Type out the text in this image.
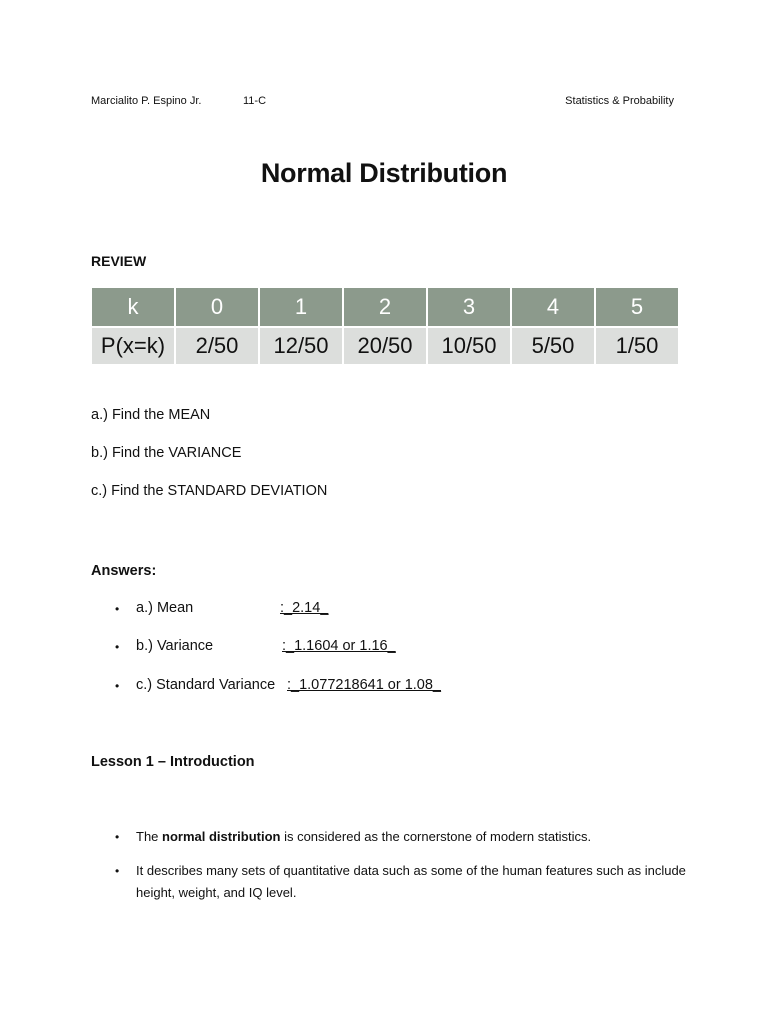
Marcialito P. Espino Jr.	11-C	Statistics & Probability
Normal Distribution
REVIEW
k	0	1	2	3	4	5
P(x=k)	2/50	12/50	20/50	10/50	5/50	1/50
a.) Find the MEAN
b.) Find the VARIANCE
c.) Find the STANDARD DEVIATION
Answers:
• a.) Mean	:_2.14_
• b.) Variance	:_1.1604 or 1.16_
• c.) Standard Variance :_1.077218641 or 1.08_
Lesson 1 – Introduction
• The normal distribution is considered as the cornerstone of modern statistics.
• It describes many sets of quantitative data such as some of the human features such as include height, weight, and IQ level.
